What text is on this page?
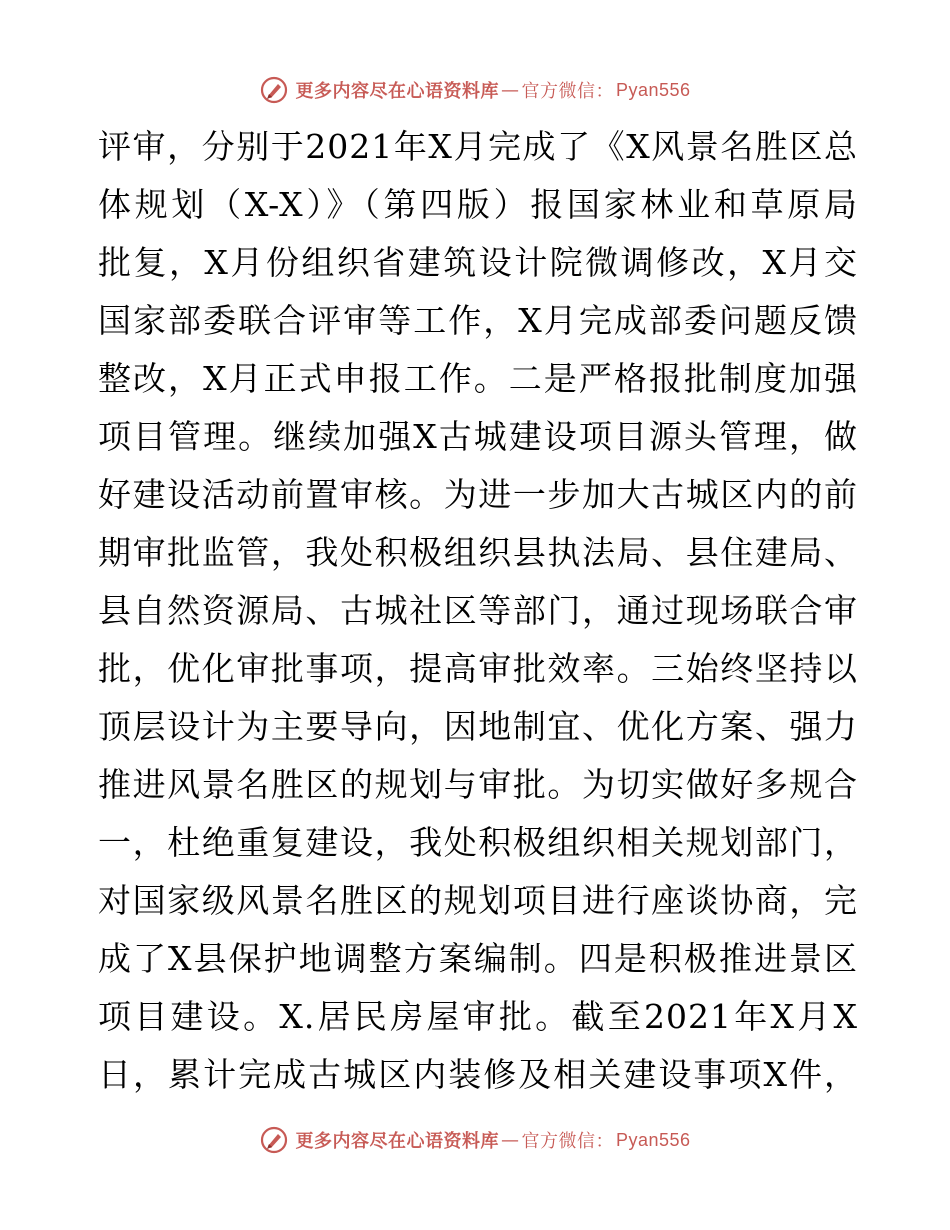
更多内容尽在心语资料库 — 官方微信： Pyan556
评审，分别于2021年X月完成了《X风景名胜区总
体规划（X-X）》（第四版）报国家林业和草原局
批复，X月份组织省建筑设计院微调修改，X月交
国家部委联合评审等工作，X月完成部委问题反馈
整改，X月正式申报工作。二是严格报批制度加强
项目管理。继续加强X古城建设项目源头管理，做
好建设活动前置审核。为进一步加大古城区内的前
期审批监管，我处积极组织县执法局、县住建局、
县自然资源局、古城社区等部门，通过现场联合审
批，优化审批事项，提高审批效率。三始终坚持以
顶层设计为主要导向，因地制宜、优化方案、强力
推进风景名胜区的规划与审批。为切实做好多规合
一，杜绝重复建设，我处积极组织相关规划部门，
对国家级风景名胜区的规划项目进行座谈协商，完
成了X县保护地调整方案编制。四是积极推进景区
项目建设。X.居民房屋审批。截至2021年X月X
日，累计完成古城区内装修及相关建设事项X件，
更多内容尽在心语资料库 — 官方微信： Pyan556
